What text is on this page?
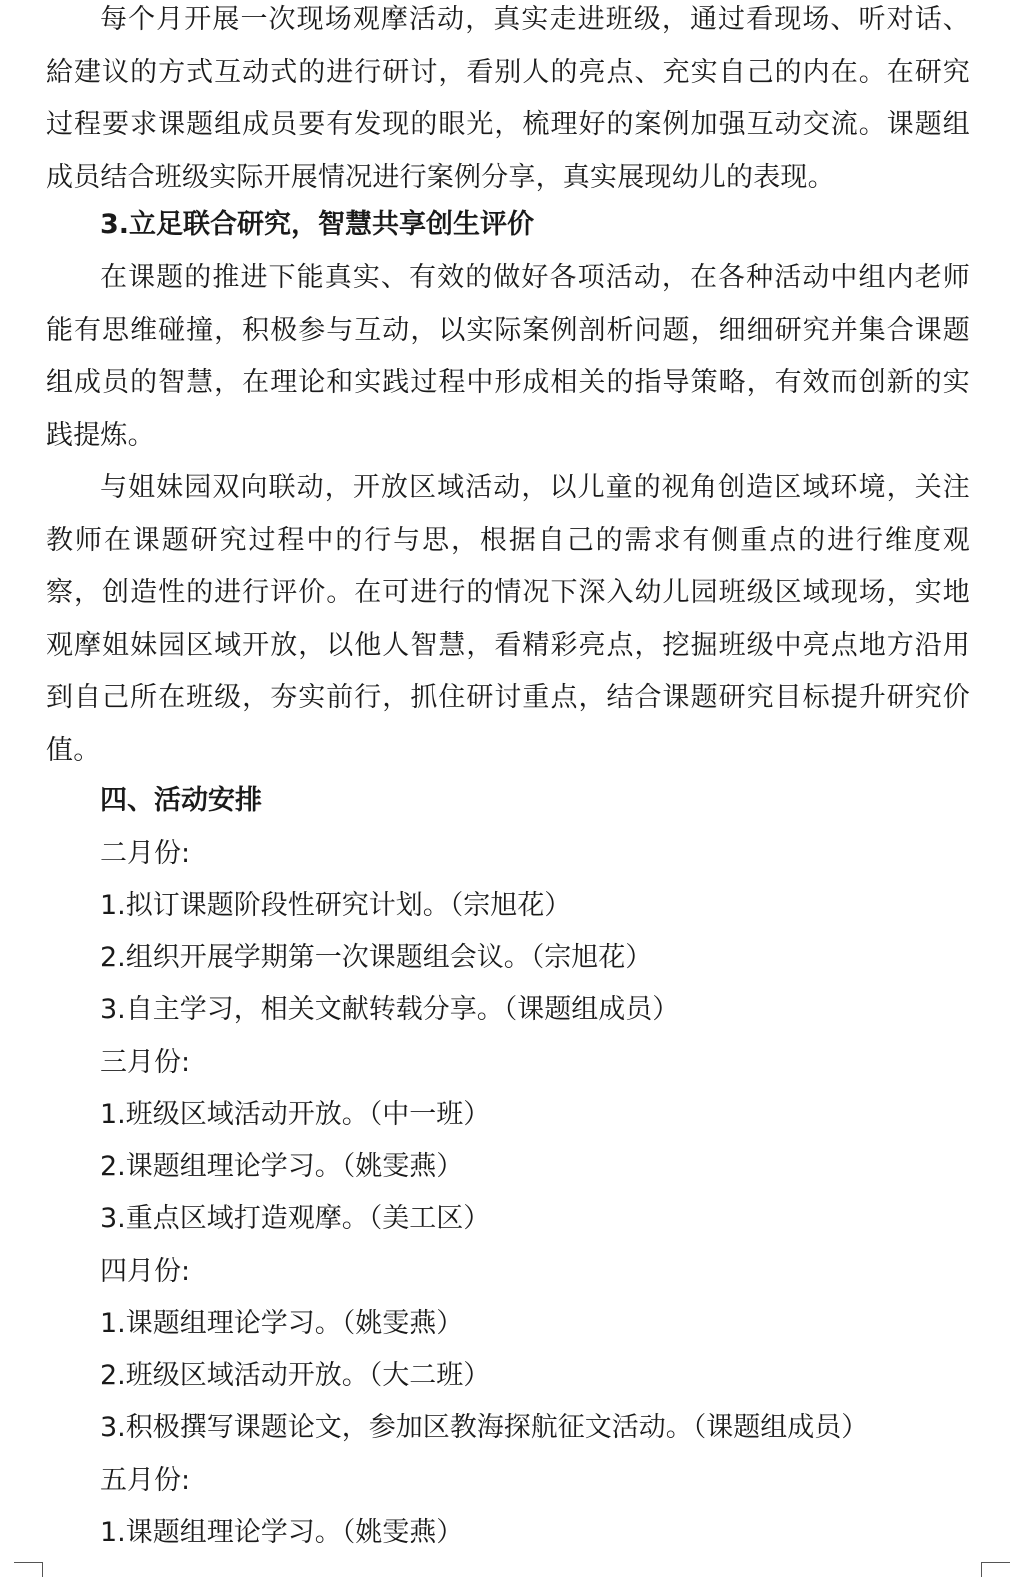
每个月开展一次现场观摩活动，真实走进班级，通过看现场、听对话、給建议的方式互动式的进行研讨，看别人的亮点、充实自己的内在。在研究过程要求课题组成员要有发现的眼光，梳理好的案例加强互动交流。课题组成员结合班级实际开展情况进行案例分享，真实展现幼儿的表现。

3.立足联合研究，智慧共享创生评价

在课题的推进下能真实、有效的做好各项活动，在各种活动中组内老师能有思维碰撞，积极参与互动，以实际案例剖析问题，细细研究并集合课题组成员的智慧，在理论和实践过程中形成相关的指导策略，有效而创新的实践提炼。

与姐妹园双向联动，开放区域活动，以儿童的视角创造区域环境，关注教师在课题研究过程中的行与思，根据自己的需求有侧重点的进行维度观察，创造性的进行评价。在可进行的情况下深入幼儿园班级区域现场，实地观摩姐妹园区域开放，以他人智慧，看精彩亮点，挖掘班级中亮点地方沿用到自己所在班级，夯实前行，抓住研讨重点，结合课题研究目标提升研究价值。

四、活动安排

二月份:

1.拟订课题阶段性研究计划。（宗旭花）

2.组织开展学期第一次课题组会议。（宗旭花）

3.自主学习，相关文献转载分享。（课题组成员）

三月份:

1.班级区域活动开放。（中一班）

2.课题组理论学习。（姚雯燕）

3.重点区域打造观摩。（美工区）

四月份:

1.课题组理论学习。（姚雯燕）

2.班级区域活动开放。（大二班）

3.积极撰写课题论文，参加区教海探航征文活动。（课题组成员）

五月份:

1.课题组理论学习。（姚雯燕）
